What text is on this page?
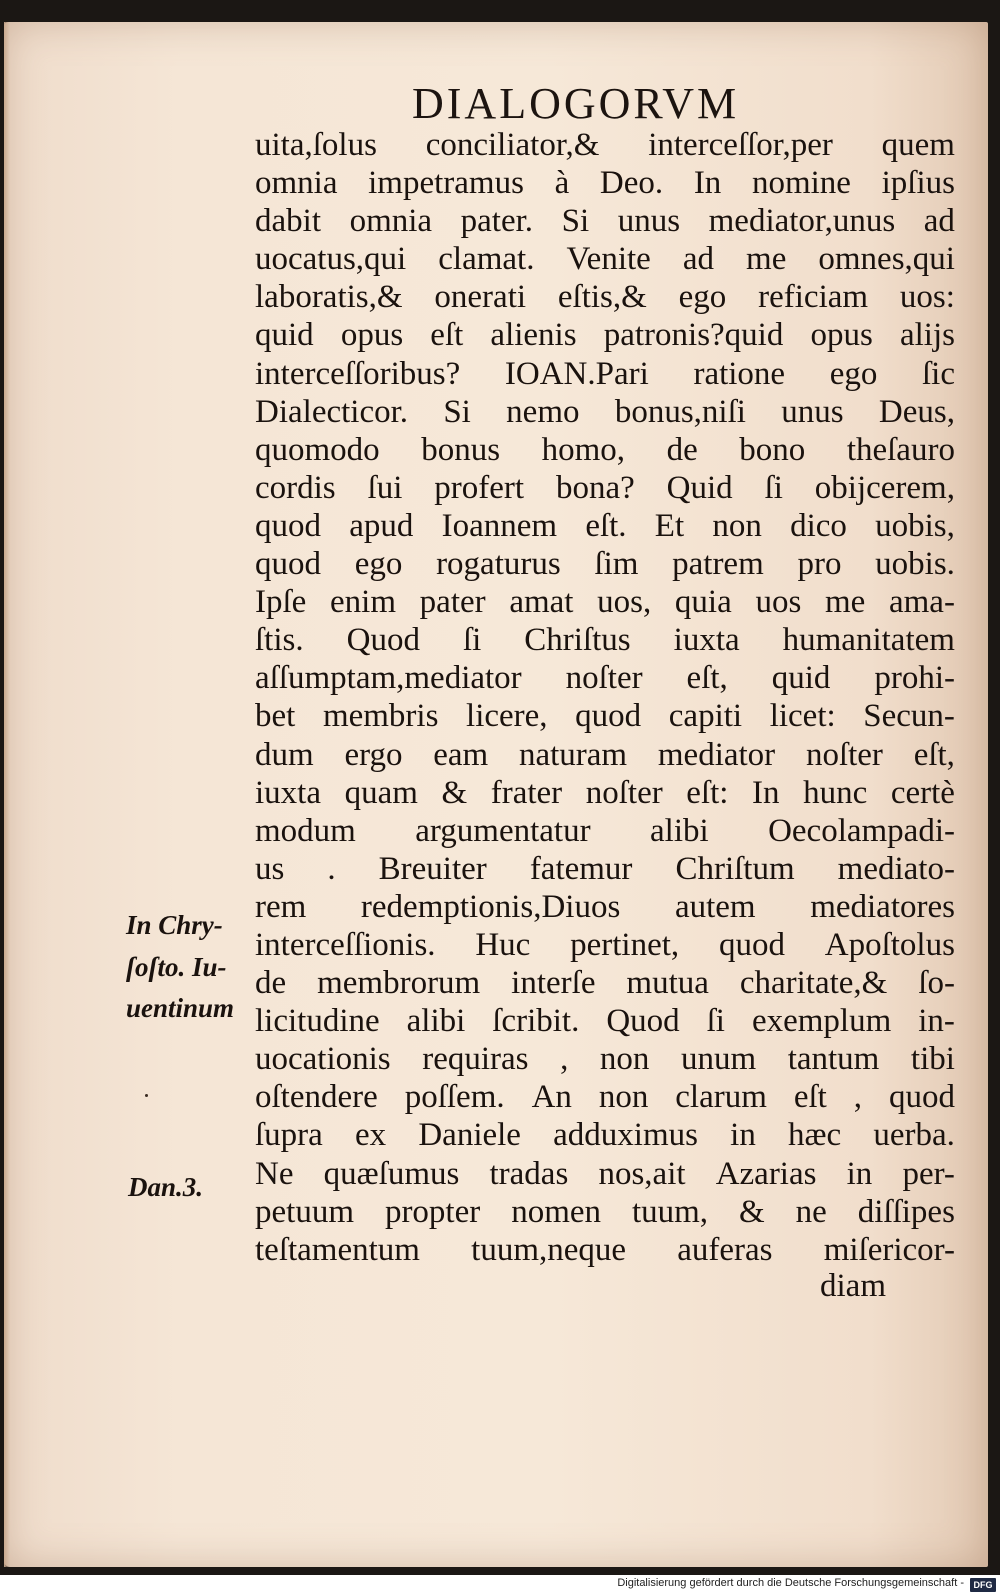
DIALOGORVM
uita,ſolus conciliator,& interceſſor,per quem
omnia impetramus à Deo. In nomine ipſius
dabit omnia pater. Si unus mediator,unus ad
uocatus,qui clamat. Venite ad me omnes,qui
laboratis,& onerati eſtis,& ego reficiam uos:
quid opus eſt alienis patronis?quid opus alijs
interceſſoribus? IOAN.Pari ratione ego ſic
Dialecticor. Si nemo bonus,niſi unus Deus,
quomodo bonus homo, de bono theſauro
cordis ſui profert bona? Quid ſi obijcerem,
quod apud Ioannem eſt. Et non dico uobis,
quod ego rogaturus ſim patrem pro uobis.
Ipſe enim pater amat uos, quia uos me ama-
ſtis. Quod ſi Chriſtus iuxta humanitatem
aſſumptam,mediator noſter eſt, quid prohi-
bet membris licere, quod capiti licet: Secun-
dum ergo eam naturam mediator noſter eſt,
iuxta quam & frater noſter eſt: In hunc certè
modum argumentatur alibi Oecolampadi-
us . Breuiter fatemur Chriſtum mediato-
rem redemptionis,Diuos autem mediatores
interceſſionis. Huc pertinet, quod Apoſtolus
de membrorum interſe mutua charitate,& ſo-
licitudine alibi ſcribit. Quod ſi exemplum in-
uocationis requiras , non unum tantum tibi
oſtendere poſſem. An non clarum eſt , quod
ſupra ex Daniele adduximus in hæc uerba.
Ne quæſumus tradas nos,ait Azarias in per-
petuum propter nomen tuum, & ne diſſipes
teſtamentum tuum,neque auferas miſericor-
diam
In Chry-
ſoſto. Iu-
uentinum
Dan.3.
Digitalisierung gefördert durch die Deutsche Forschungsgemeinschaft -	DFG
